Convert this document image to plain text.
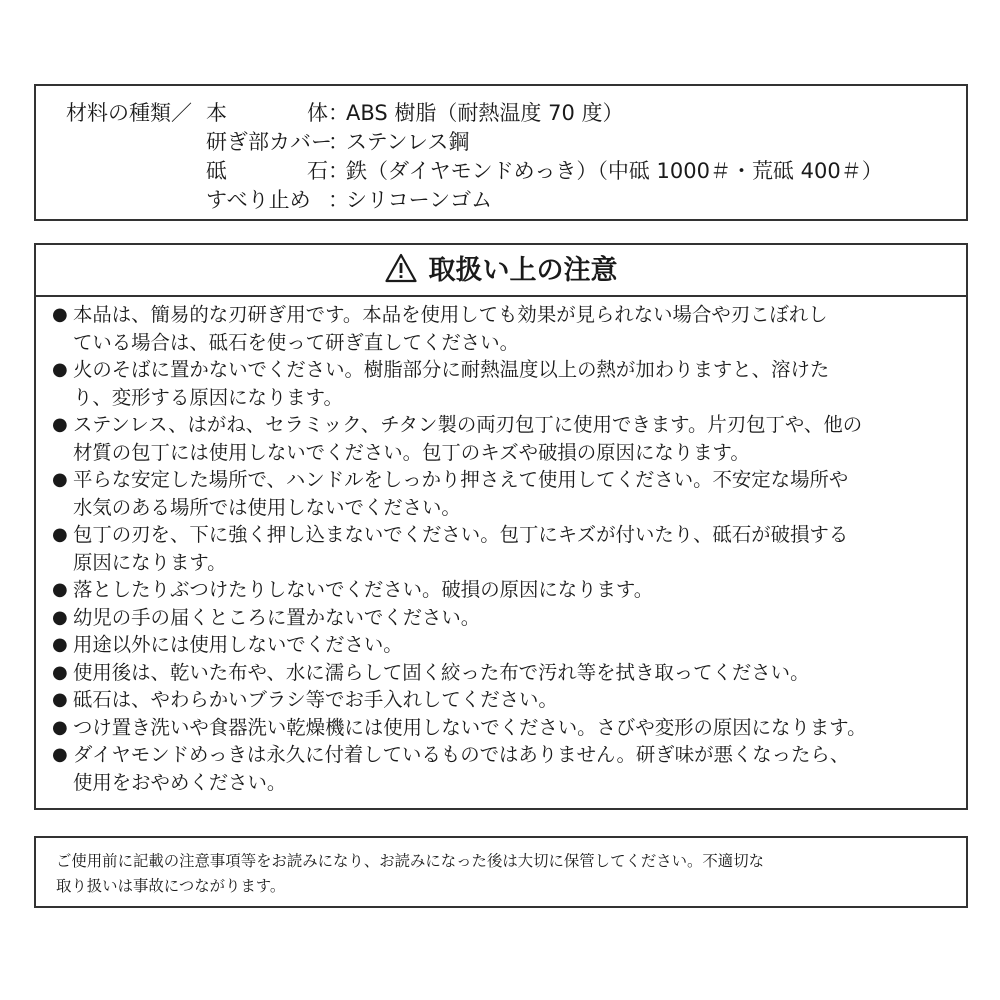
材料の種類／ 本	体 ：
ABS 樹脂（耐熱温度 70 度）
研ぎ部カバー
：
ステンレス鋼
砥	石 ：
鉄（ダイヤモンドめっき）（中砥 1000＃・荒砥 400＃）
すべり止め ：
シリコーンゴム
取扱い上の注意
● 本品は、簡易的な刃研ぎ用です。本品を使用しても効果が見られない場合や刃こぼれし
ている場合は、砥石を使って研ぎ直してください。
● 火のそばに置かないでください。樹脂部分に耐熱温度以上の熱が加わりますと、溶けた
り、変形する原因になります。
● ステンレス、はがね、セラミック、チタン製の両刃包丁に使用できます。片刃包丁や、他の
材質の包丁には使用しないでください。包丁のキズや破損の原因になります。
● 平らな安定した場所で、ハンドルをしっかり押さえて使用してください。不安定な場所や
水気のある場所では使用しないでください。
● 包丁の刃を、下に強く押し込まないでください。包丁にキズが付いたり、砥石が破損する
原因になります。
● 落としたりぶつけたりしないでください。破損の原因になります。
● 幼児の手の届くところに置かないでください。
● 用途以外には使用しないでください。
● 使用後は、乾いた布や、水に濡らして固く絞った布で汚れ等を拭き取ってください。
● 砥石は、やわらかいブラシ等でお手入れしてください。
● つけ置き洗いや食器洗い乾燥機には使用しないでください。さびや変形の原因になります。
● ダイヤモンドめっきは永久に付着しているものではありません。研ぎ味が悪くなったら、
使用をおやめください。
ご使用前に記載の注意事項等をお読みになり、お読みになった後は大切に保管してください。不適切な
取り扱いは事故につながります。
